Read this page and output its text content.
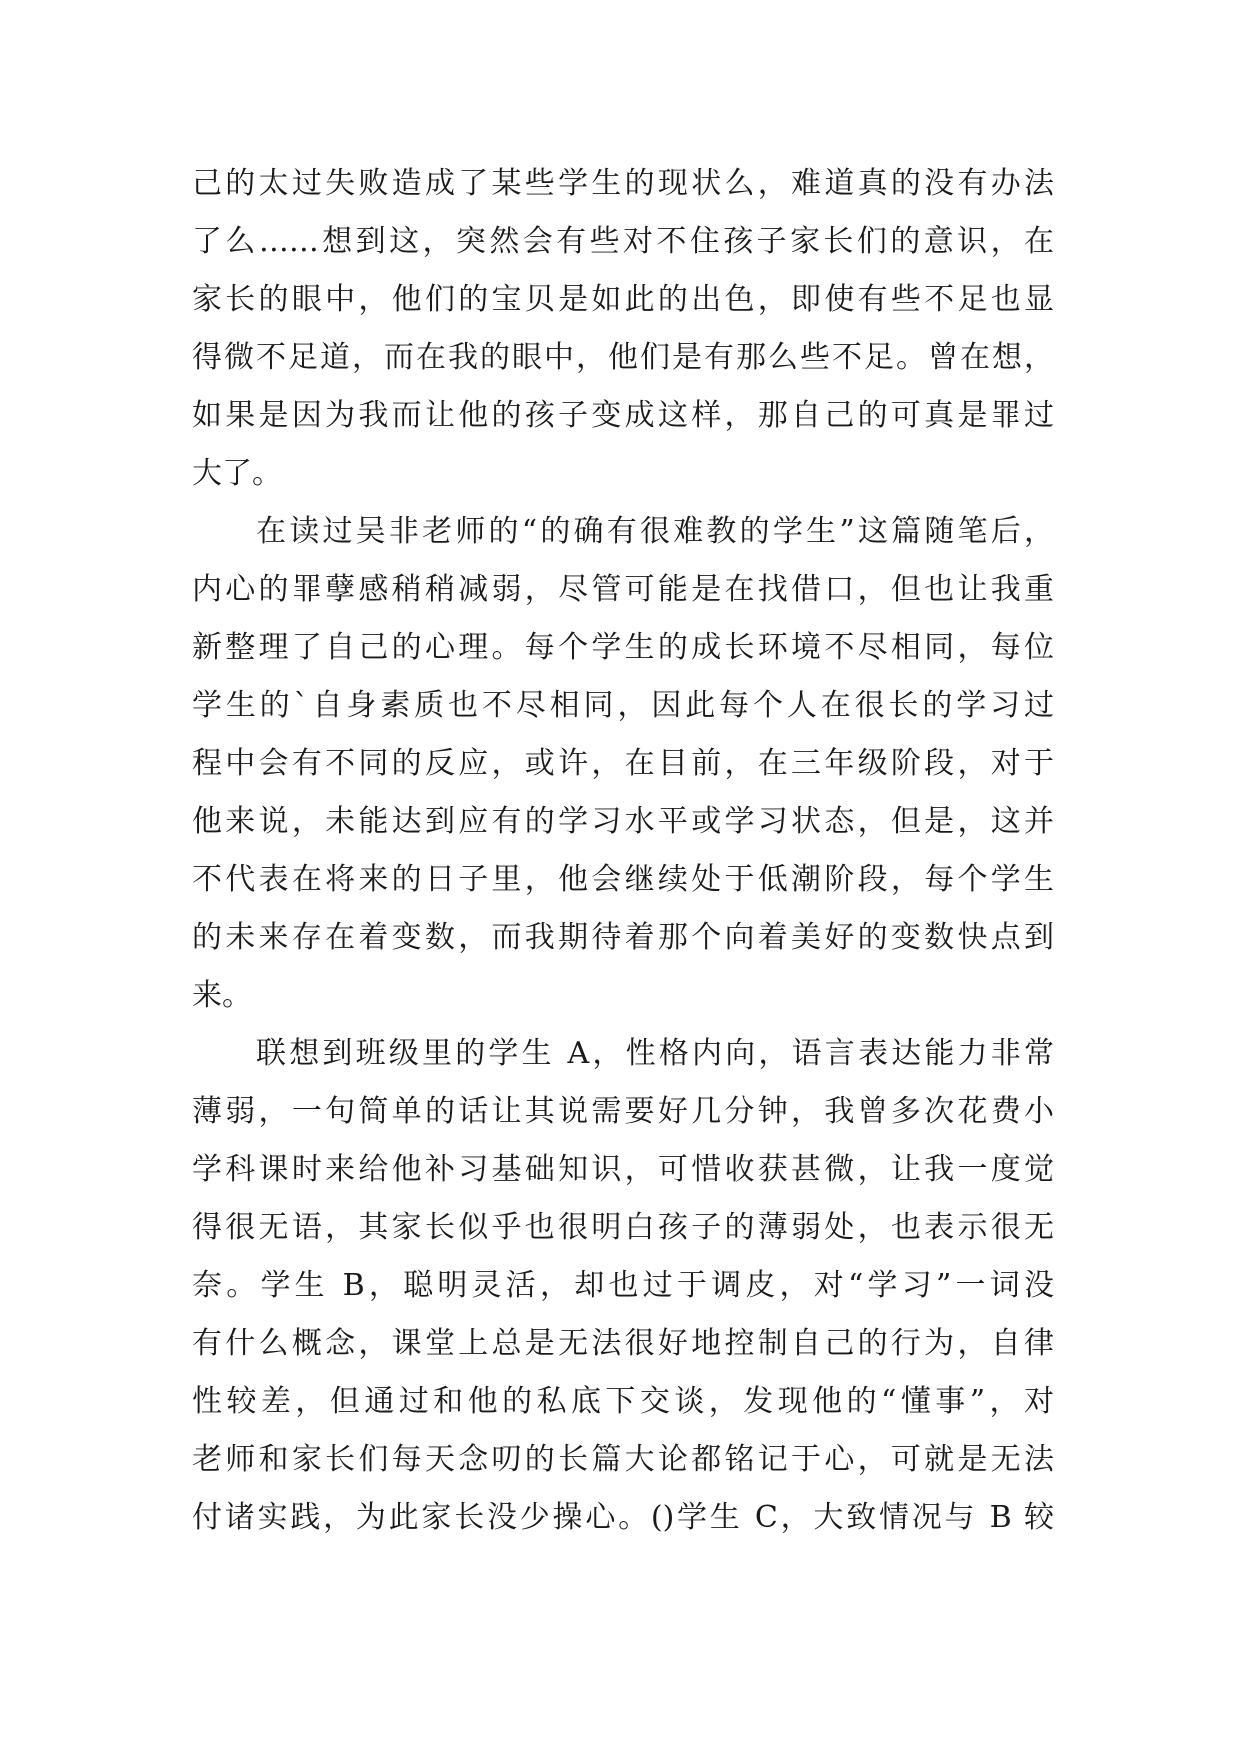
己的太过失败造成了某些学生的现状么，难道真的没有办法
了么……想到这，突然会有些对不住孩子家长们的意识，在
家长的眼中，他们的宝贝是如此的出色，即使有些不足也显
得微不足道，而在我的眼中，他们是有那么些不足。曾在想，
如果是因为我而让他的孩子变成这样，那自己的可真是罪过
大了。
在读过吴非老师的“的确有很难教的学生”这篇随笔后，
内心的罪孽感稍稍减弱，尽管可能是在找借口，但也让我重
新整理了自己的心理。每个学生的成长环境不尽相同，每位
学生的`自身素质也不尽相同，因此每个人在很长的学习过
程中会有不同的反应，或许，在目前，在三年级阶段，对于
他来说，未能达到应有的学习水平或学习状态，但是，这并
不代表在将来的日子里，他会继续处于低潮阶段，每个学生
的未来存在着变数，而我期待着那个向着美好的变数快点到
来。
联想到班级里的学生 A，性格内向，语言表达能力非常
薄弱，一句简单的话让其说需要好几分钟，我曾多次花费小
学科课时来给他补习基础知识，可惜收获甚微，让我一度觉
得很无语，其家长似乎也很明白孩子的薄弱处，也表示很无
奈。学生 B，聪明灵活，却也过于调皮，对“学习”一词没
有什么概念，课堂上总是无法很好地控制自己的行为，自律
性较差，但通过和他的私底下交谈，发现他的“懂事”，对
老师和家长们每天念叨的长篇大论都铭记于心，可就是无法
付诸实践，为此家长没少操心。()学生 C，大致情况与 B 较
